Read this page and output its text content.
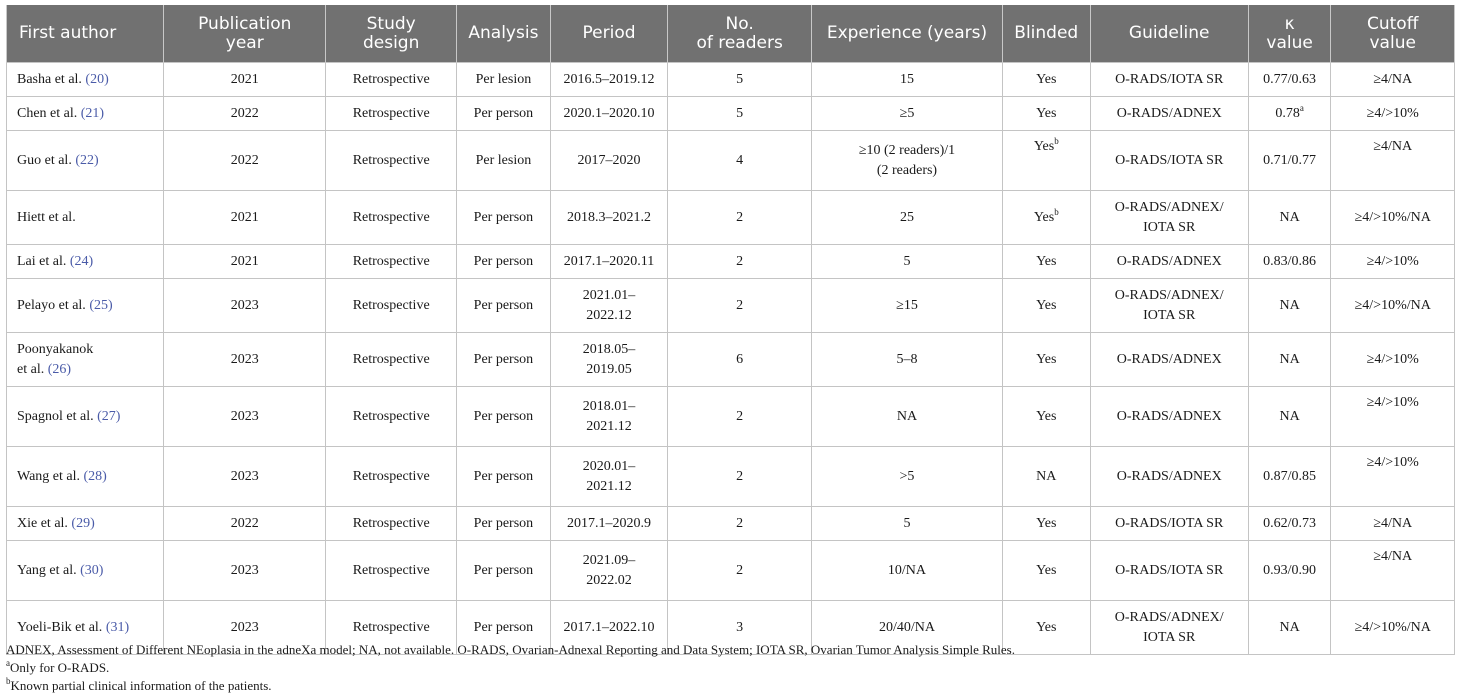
First author	Publication
year	Study
design	Analysis	Period	No.
of readers	Experience (years)	Blinded	Guideline	κ
value	Cutoff
value
Basha et al. (20)	2021	Retrospective	Per lesion	2016.5–2019.12	5	15	Yes	O-RADS/IOTA SR	0.77/0.63	≥4/NA
Chen et al. (21)	2022	Retrospective	Per person	2020.1–2020.10	5	≥5	Yes	O-RADS/ADNEX	0.78$^a$	≥4/>10%
Guo et al. (22)	2022	Retrospective	Per lesion	2017–2020	4	≥10 (2 readers)/1
(2 readers)	Yes$^b$	O-RADS/IOTA SR	0.71/0.77	≥4/NA
Hiett et al.	2021	Retrospective	Per person	2018.3–2021.2	2	25	Yes$^b$	O-RADS/ADNEX/
IOTA SR	NA	≥4/>10%/NA
Lai et al. (24)	2021	Retrospective	Per person	2017.1–2020.11	2	5	Yes	O-RADS/ADNEX	0.83/0.86	≥4/>10%
Pelayo et al. (25)	2023	Retrospective	Per person	2021.01–
2022.12	2	≥15	Yes	O-RADS/ADNEX/
IOTA SR	NA	≥4/>10%/NA
Poonyakanok
et al. (26)	2023	Retrospective	Per person	2018.05–
2019.05	6	5–8	Yes	O-RADS/ADNEX	NA	≥4/>10%
Spagnol et al. (27)	2023	Retrospective	Per person	2018.01–
2021.12	2	NA	Yes	O-RADS/ADNEX	NA	≥4/>10%
Wang et al. (28)	2023	Retrospective	Per person	2020.01–
2021.12	2	>5	NA	O-RADS/ADNEX	0.87/0.85	≥4/>10%
Xie et al. (29)	2022	Retrospective	Per person	2017.1–2020.9	2	5	Yes	O-RADS/IOTA SR	0.62/0.73	≥4/NA
Yang et al. (30)	2023	Retrospective	Per person	2021.09–
2022.02	2	10/NA	Yes	O-RADS/IOTA SR	0.93/0.90	≥4/NA
Yoeli-Bik et al. (31)	2023	Retrospective	Per person	2017.1–2022.10	3	20/40/NA	Yes	O-RADS/ADNEX/
IOTA SR	NA	≥4/>10%/NA
ADNEX, Assessment of Different NEoplasia in the adneXa model; NA, not available. O-RADS, Ovarian-Adnexal Reporting and Data System; IOTA SR, Ovarian Tumor Analysis Simple Rules.
$^a$Only for O-RADS.
$^b$Known partial clinical information of the patients.
